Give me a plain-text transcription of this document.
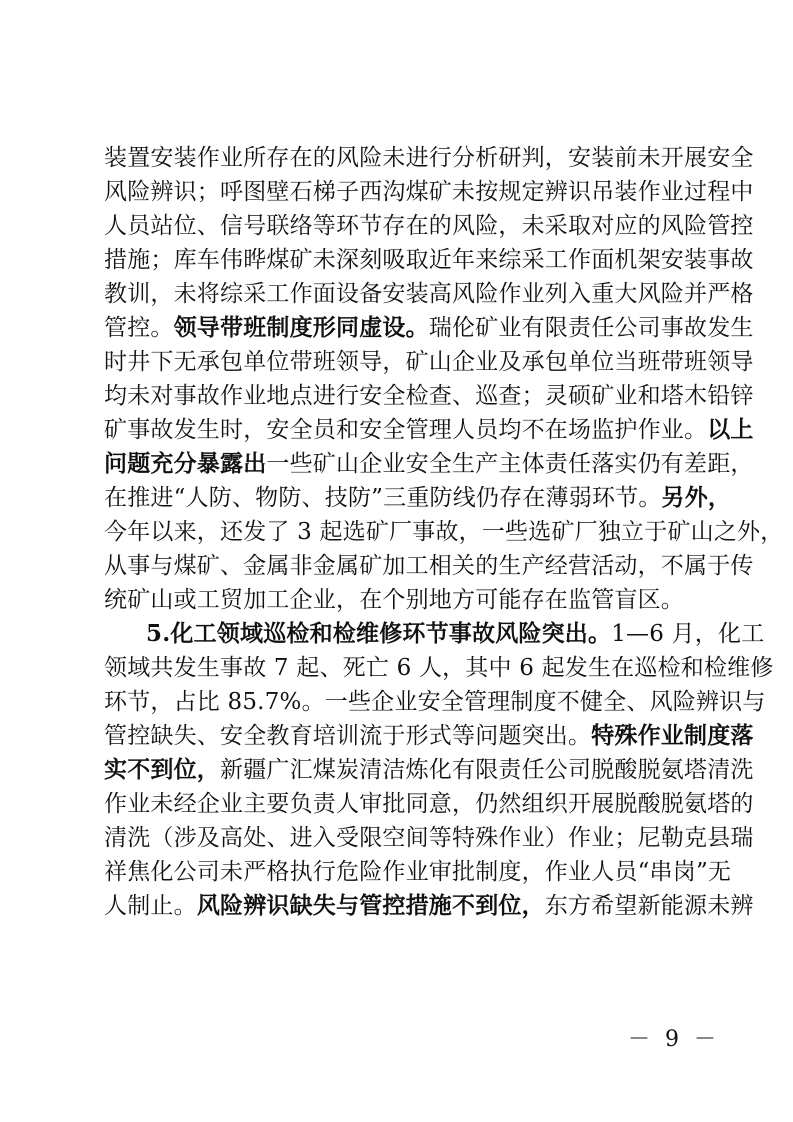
装置安装作业所存在的风险未进行分析研判，安装前未开展安全
风险辨识；呼图壁石梯子西沟煤矿未按规定辨识吊装作业过程中
人员站位、信号联络等环节存在的风险，未采取对应的风险管控
措施；库车伟晔煤矿未深刻吸取近年来综采工作面机架安装事故
教训，未将综采工作面设备安装高风险作业列入重大风险并严格
管控。领导带班制度形同虚设。瑞伦矿业有限责任公司事故发生
时井下无承包单位带班领导，矿山企业及承包单位当班带班领导
均未对事故作业地点进行安全检查、巡查；灵硕矿业和塔木铅锌
矿事故发生时，安全员和安全管理人员均不在场监护作业。以上
问题充分暴露出一些矿山企业安全生产主体责任落实仍有差距，
在推进“人防、物防、技防”三重防线仍存在薄弱环节。另外，
今年以来，还发了 3 起选矿厂事故，一些选矿厂独立于矿山之外，
从事与煤矿、金属非金属矿加工相关的生产经营活动，不属于传
统矿山或工贸加工企业，在个别地方可能存在监管盲区。
5.化工领域巡检和检维修环节事故风险突出。1—6 月，化工
领域共发生事故 7 起、死亡 6 人，其中 6 起发生在巡检和检维修
环节，占比 85.7%。一些企业安全管理制度不健全、风险辨识与
管控缺失、安全教育培训流于形式等问题突出。特殊作业制度落
实不到位，新疆广汇煤炭清洁炼化有限责任公司脱酸脱氨塔清洗
作业未经企业主要负责人审批同意，仍然组织开展脱酸脱氨塔的
清洗（涉及高处、进入受限空间等特殊作业）作业；尼勒克县瑞
祥焦化公司未严格执行危险作业审批制度，作业人员“串岗”无
人制止。风险辨识缺失与管控措施不到位，东方希望新能源未辨
－ 9 －
